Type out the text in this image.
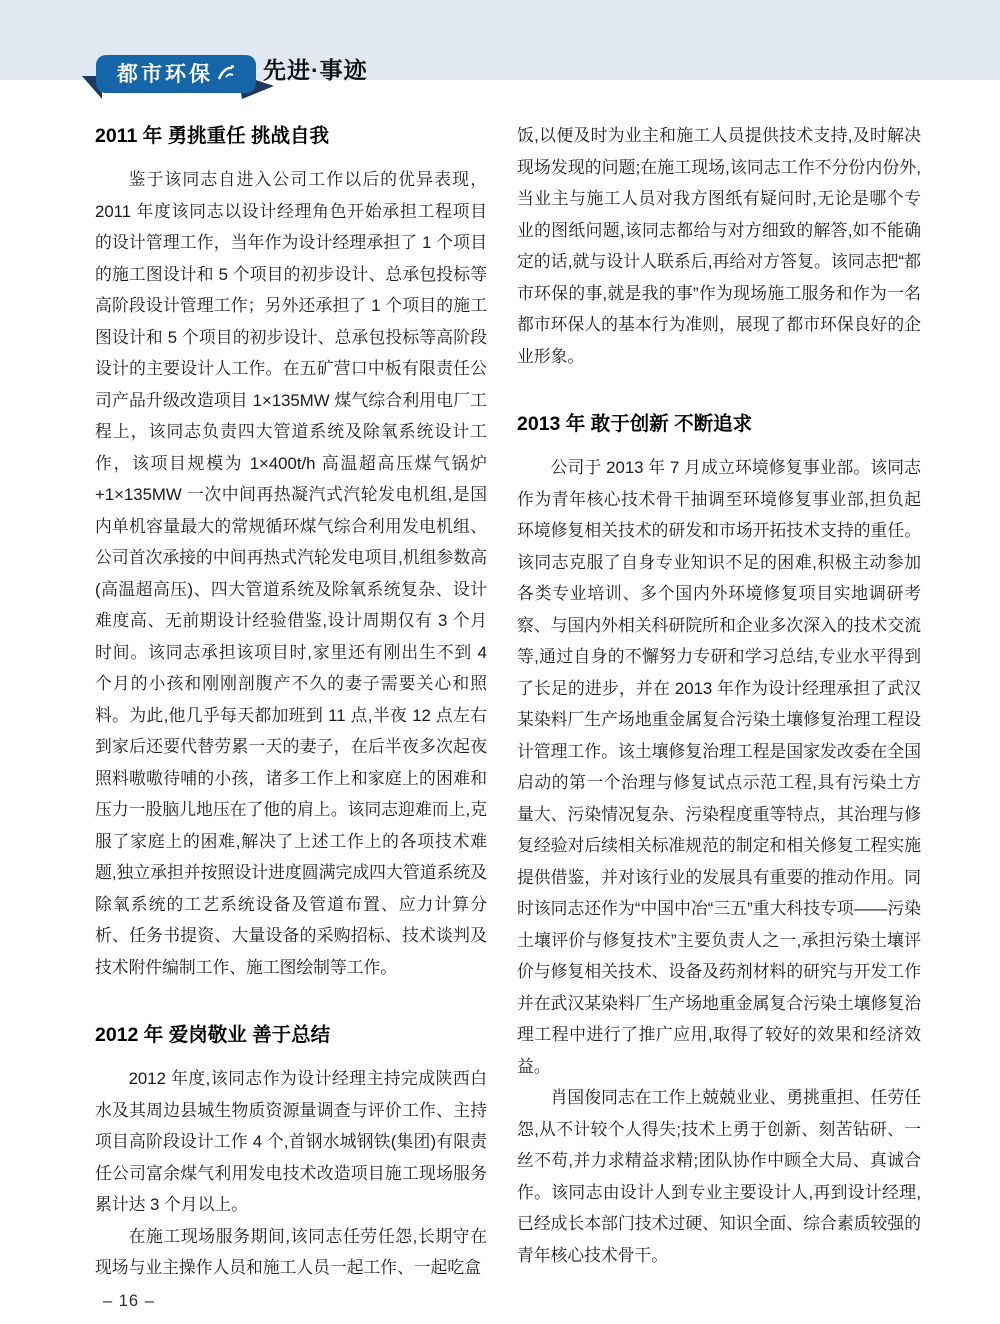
都市环保 先进·事迹
2011 年 勇挑重任 挑战自我

鉴于该同志自进入公司工作以后的优异表现，2011 年度该同志以设计经理角色开始承担工程项目的设计管理工作，当年作为设计经理承担了 1 个项目的施工图设计和 5 个项目的初步设计、总承包投标等高阶段设计管理工作；另外还承担了 1 个项目的施工图设计和 5 个项目的初步设计、总承包投标等高阶段设计的主要设计人工作。在五矿营口中板有限责任公司产品升级改造项目 1×135MW 煤气综合利用电厂工程上，该同志负责四大管道系统及除氧系统设计工作，该项目规模为 1×400t/h 高温超高压煤气锅炉+1×135MW 一次中间再热凝汽式汽轮发电机组,是国内单机容量最大的常规循环煤气综合利用发电机组、公司首次承接的中间再热式汽轮发电项目,机组参数高(高温超高压)、四大管道系统及除氧系统复杂、设计难度高、无前期设计经验借鉴,设计周期仅有 3 个月时间。该同志承担该项目时,家里还有刚出生不到 4 个月的小孩和刚刚剖腹产不久的妻子需要关心和照料。为此,他几乎每天都加班到 11 点,半夜 12 点左右到家后还要代替劳累一天的妻子，在后半夜多次起夜照料嗷嗷待哺的小孩，诸多工作上和家庭上的困难和压力一股脑儿地压在了他的肩上。该同志迎难而上,克服了家庭上的困难,解决了上述工作上的各项技术难题,独立承担并按照设计进度圆满完成四大管道系统及除氧系统的工艺系统设备及管道布置、应力计算分析、任务书提资、大量设备的采购招标、技术谈判及技术附件编制工作、施工图绘制等工作。

2012 年 爱岗敬业 善于总结

2012 年度,该同志作为设计经理主持完成陕西白水及其周边县城生物质资源量调查与评价工作、主持项目高阶段设计工作 4 个,首钢水城钢铁(集团)有限责任公司富余煤气利用发电技术改造项目施工现场服务累计达 3 个月以上。

在施工现场服务期间,该同志任劳任怨,长期守在现场与业主操作人员和施工人员一起工作、一起吃盒

饭,以便及时为业主和施工人员提供技术支持,及时解决现场发现的问题;在施工现场,该同志工作不分份内份外,当业主与施工人员对我方图纸有疑问时,无论是哪个专业的图纸问题,该同志都给与对方细致的解答,如不能确定的话,就与设计人联系后,再给对方答复。该同志把“都市环保的事,就是我的事”作为现场施工服务和作为一名都市环保人的基本行为准则，展现了都市环保良好的企业形象。

2013 年 敢于创新 不断追求

公司于 2013 年 7 月成立环境修复事业部。该同志作为青年核心技术骨干抽调至环境修复事业部,担负起环境修复相关技术的研发和市场开拓技术支持的重任。该同志克服了自身专业知识不足的困难,积极主动参加各类专业培训、多个国内外环境修复项目实地调研考察、与国内外相关科研院所和企业多次深入的技术交流等,通过自身的不懈努力专研和学习总结,专业水平得到了长足的进步，并在 2013 年作为设计经理承担了武汉某染料厂生产场地重金属复合污染土壤修复治理工程设计管理工作。该土壤修复治理工程是国家发改委在全国启动的第一个治理与修复试点示范工程,具有污染土方量大、污染情况复杂、污染程度重等特点，其治理与修复经验对后续相关标准规范的制定和相关修复工程实施提供借鉴，并对该行业的发展具有重要的推动作用。同时该同志还作为“中国中冶“三五”重大科技专项——污染土壤评价与修复技术”主要负责人之一,承担污染土壤评价与修复相关技术、设备及药剂材料的研究与开发工作并在武汉某染料厂生产场地重金属复合污染土壤修复治理工程中进行了推广应用,取得了较好的效果和经济效益。

肖国俊同志在工作上兢兢业业、勇挑重担、任劳任怨,从不计较个人得失;技术上勇于创新、刻苦钻研、一丝不苟,并力求精益求精;团队协作中顾全大局、真诚合作。该同志由设计人到专业主要设计人,再到设计经理,已经成长本部门技术过硬、知识全面、综合素质较强的青年核心技术骨干。

– 16 –
